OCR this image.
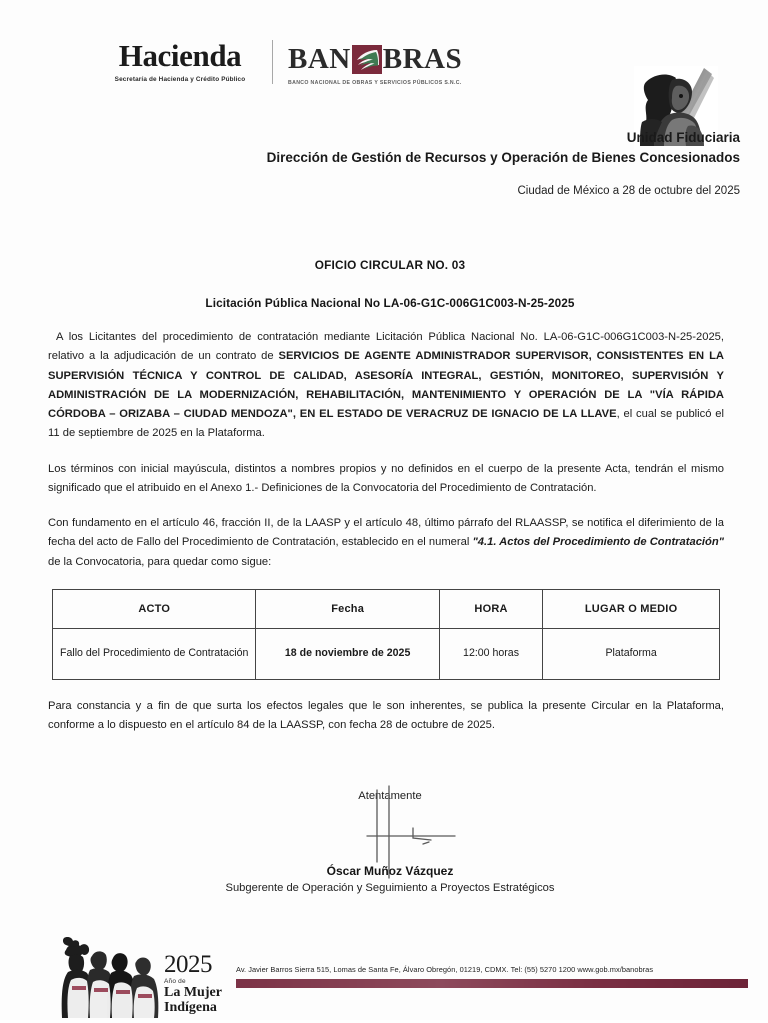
Hacienda
Secretaría de Hacienda y Crédito Público
BAN BRAS
BANCO NACIONAL DE OBRAS Y SERVICIOS PÚBLICOS S.N.C.
Unidad Fiduciaria
Dirección de Gestión de Recursos y Operación de Bienes Concesionados
Ciudad de México a 28 de octubre del 2025
OFICIO CIRCULAR NO. 03
Licitación Pública Nacional No LA-06-G1C-006G1C003-N-25-2025

A los Licitantes del procedimiento de contratación mediante Licitación Pública Nacional No. LA-06-G1C-006G1C003-N-25-2025, relativo a la adjudicación de un contrato de SERVICIOS DE AGENTE ADMINISTRADOR SUPERVISOR, CONSISTENTES EN LA SUPERVISIÓN TÉCNICA Y CONTROL DE CALIDAD, ASESORÍA INTEGRAL, GESTIÓN, MONITOREO, SUPERVISIÓN Y ADMINISTRACIÓN DE LA MODERNIZACIÓN, REHABILITACIÓN, MANTENIMIENTO Y OPERACIÓN DE LA "VÍA RÁPIDA CÓRDOBA – ORIZABA – CIUDAD MENDOZA", EN EL ESTADO DE VERACRUZ DE IGNACIO DE LA LLAVE, el cual se publicó el 11 de septiembre de 2025 en la Plataforma.

Los términos con inicial mayúscula, distintos a nombres propios y no definidos en el cuerpo de la presente Acta, tendrán el mismo significado que el atribuido en el Anexo 1.- Definiciones de la Convocatoria del Procedimiento de Contratación.

Con fundamento en el artículo 46, fracción II, de la LAASP y el artículo 48, último párrafo del RLAASSP, se notifica el diferimiento de la fecha del acto de Fallo del Procedimiento de Contratación, establecido en el numeral "4.1. Actos del Procedimiento de Contratación" de la Convocatoria, para quedar como sigue:

ACTO	Fecha	HORA	LUGAR O MEDIO
Fallo del Procedimiento de Contratación	18 de noviembre de 2025	12:00 horas	Plataforma

Para constancia y a fin de que surta los efectos legales que le son inherentes, se publica la presente Circular en la Plataforma, conforme a lo dispuesto en el artículo 84 de la LAASSP, con fecha 28 de octubre de 2025.

Atentamente
Óscar Muñoz Vázquez
Subgerente de Operación y Seguimiento a Proyectos Estratégicos
2025
Año de
La Mujer
Indígena
Av. Javier Barros Sierra 515, Lomas de Santa Fe, Álvaro Obregón, 01219, CDMX. Tel: (55) 5270 1200 www.gob.mx/banobras
